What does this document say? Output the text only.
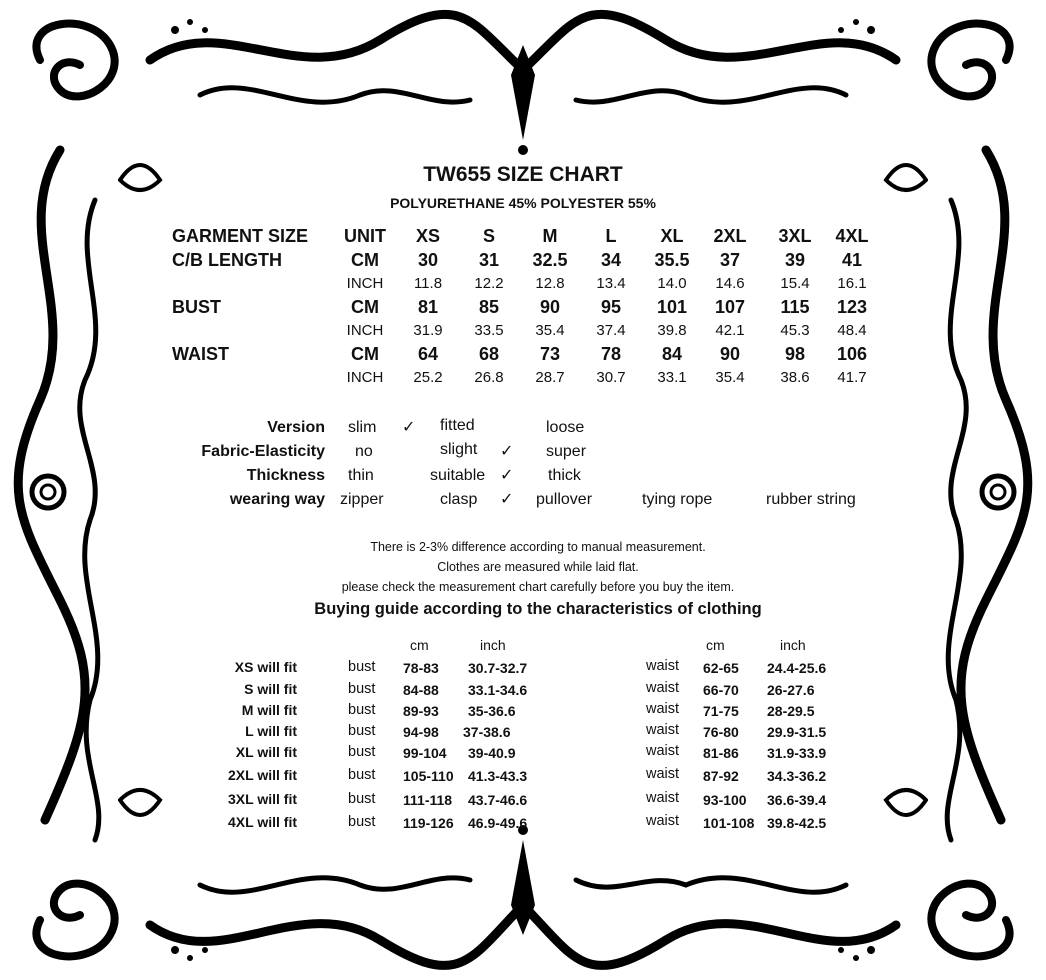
TW655 SIZE CHART
POLYURETHANE 45% POLYESTER 55%
GARMENT SIZE	UNIT	XS	S	M	L	XL	2XL	3XL	4XL
C/B LENGTH	CM	30	31	32.5	34	35.5	37	39	41
INCH	11.8	12.2	12.8	13.4	14.0	14.6	15.4	16.1
BUST	CM	81	85	90	95	101	107	115	123
INCH	31.9	33.5	35.4	37.4	39.8	42.1	45.3	48.4
WAIST	CM	64	68	73	78	84	90	98	106
INCH	25.2	26.8	28.7	30.7	33.1	35.4	38.6	41.7
Version slim ✓ fitted	loose
Fabric-Elasticity no	slight ✓ super
Thickness thin	suitable ✓ thick
wearing way zipper	clasp ✓ pullover	tying rope	rubber string
There is 2-3% difference according to manual measurement.
Clothes are measured while laid flat.
please check the measurement chart carefully before you buy the item.
Buying guide according to the characteristics of clothing
cm	inch	cm	inch
XS will fit	bust 78-83 30.7-32.7	waist 62-65 24.4-25.6
S will fit	bust 84-88 33.1-34.6	waist 66-70 26-27.6
M will fit	bust 89-93 35-36.6	waist 71-75 28-29.5
L will fit	bust 94-98 37-38.6	waist 76-80 29.9-31.5
XL will fit	bust 99-104 39-40.9	waist 81-86 31.9-33.9
2XL will fit	bust 105-110 41.3-43.3	waist 87-92 34.3-36.2
3XL will fit	bust 111-118 43.7-46.6	waist 93-100 36.6-39.4
4XL will fit	bust 119-126 46.9-49.6	waist 101-108 39.8-42.5
